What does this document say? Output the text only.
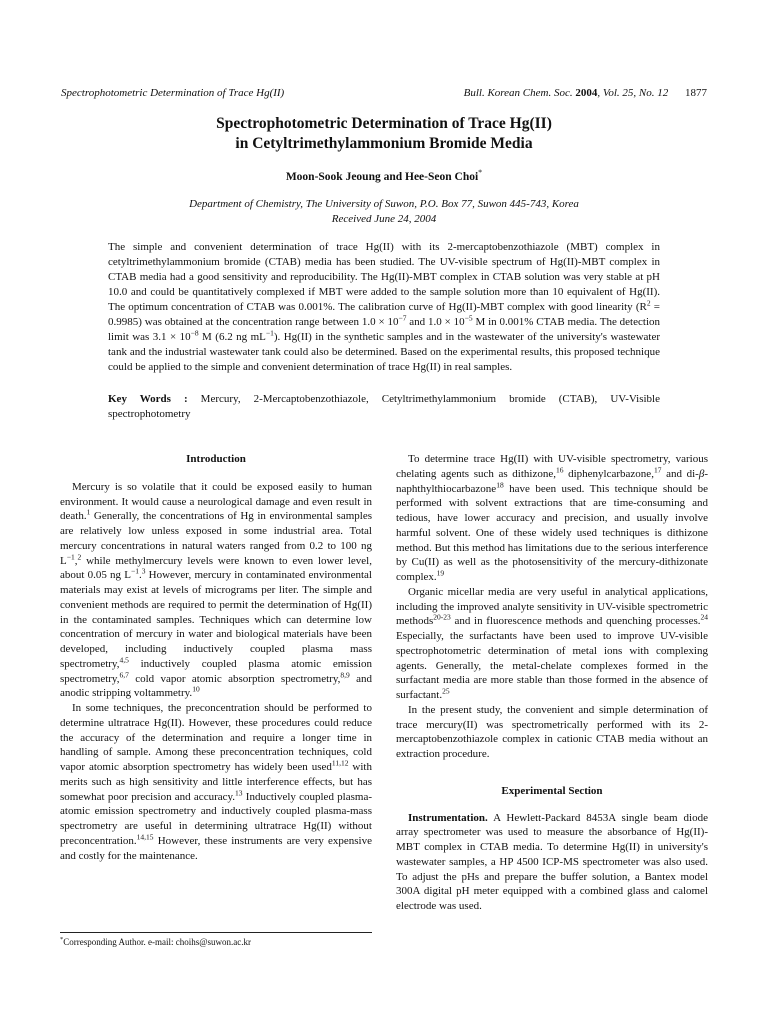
Spectrophotometric Determination of Trace Hg(II)	Bull. Korean Chem. Soc. 2004, Vol. 25, No. 12 1877
Spectrophotometric Determination of Trace Hg(II)
in Cetyltrimethylammonium Bromide Media
Moon-Sook Jeoung and Hee-Seon Choi*
Department of Chemistry, The University of Suwon, P.O. Box 77, Suwon 445-743, Korea
Received June 24, 2004

The simple and convenient determination of trace Hg(II) with its 2-mercaptobenzothiazole (MBT) complex in cetyltrimethylammonium bromide (CTAB) media has been studied. The UV-visible spectrum of Hg(II)-MBT complex in CTAB media had a good sensitivity and reproducibility. The Hg(II)-MBT complex in CTAB solution was very stable at pH 10.0 and could be quantitatively complexed if MBT were added to the sample solution more than 10 equivalent of Hg(II). The optimum concentration of CTAB was 0.001%. The calibration curve of Hg(II)-MBT complex with good linearity $(R^2 = 0.9985)$ was obtained at the concentration range between $1.0 \times 10^{-7}$ and $1.0 \times 10^{-5}$ M in 0.001% CTAB media. The detection limit was $3.1 \times 10^{-8}$ M (6.2 ng $mL^{-1}$). Hg(II) in the synthetic samples and in the wastewater of the university's wastewater tank and the industrial wastewater tank could also be determined. Based on the experimental results, this proposed technique could be applied to the simple and convenient determination of trace Hg(II) in real samples.

Key Words : Mercury, 2-Mercaptobenzothiazole, Cetyltrimethylammonium bromide (CTAB), UV-Visible spectrophotometry
Introduction

Mercury is so volatile that it could be exposed easily to human environment. It would cause a neurological damage and even result in death.$^1$ Generally, the concentrations of Hg in environmental samples are relatively low unless exposed in some industrial area. Total mercury concentrations in natural waters ranged from 0.2 to 100 ng $L^{-1},^2$ while methylmercury levels were known to even lower level, about 0.05 ng $L^{-1}.^3$ However, mercury in contaminated environmental materials may exist at levels of micrograms per liter. The simple and convenient methods are required to permit the determination of Hg(II) in the contaminated samples. Techniques which can determine low concentration of mercury in water and biological materials have been developed, including inductively coupled plasma mass spectrometry,$^{4,5}$ inductively coupled plasma atomic emission spectrometry,$^{6,7}$ cold vapor atomic absorption spectrometry,$^{8,9}$ and anodic stripping voltammetry.$^{10}$

In some techniques, the preconcentration should be performed to determine ultratrace Hg(II). However, these procedures could reduce the accuracy of the determination and require a longer time in handling of sample. Among these preconcentration techniques, cold vapor atomic absorption spectrometry has widely been used$^{11,12}$ with merits such as high sensitivity and little interference effects, but has somewhat poor precision and accuracy.$^{13}$ Inductively coupled plasma-atomic emission spectrometry and inductively coupled plasma-mass spectrometry are useful in determining ultratrace Hg(II) without preconcentration.$^{14,15}$ However, these instruments are very expensive and costly for the maintenance.

To determine trace Hg(II) with UV-visible spectrometry, various chelating agents such as dithizone,$^{16}$ diphenylcarbazone,$^{17}$ and di-β-naphthylthiocarbazone$^{18}$ have been used. This technique should be performed with solvent extractions that are time-consuming and tedious, have lower accuracy and precision, and usually involve harmful solvent. One of these widely used techniques is dithizone method. But this method has limitations due to the serious interference by Cu(II) as well as the photosensitivity of the mercury-dithizonate complex.$^{19}$

Organic micellar media are very useful in analytical applications, including the improved analyte sensitivity in UV-visible spectrometric methods$^{20-23}$ and in fluorescence methods and quenching processes.$^{24}$ Especially, the surfactants have been used to improve UV-visible spectrophotometric determination of metal ions with complexing agents. Generally, the metal-chelate complexes formed in the surfactant media are more stable than those formed in the absence of surfactant.$^{25}$

In the present study, the convenient and simple determination of trace mercury(II) was spectrometrically performed with its 2-mercaptobenzothiazole complex in cationic CTAB media without an extraction procedure.

Experimental Section

Instrumentation. A Hewlett-Packard 8453A single beam diode array spectrometer was used to measure the absorbance of Hg(II)-MBT complex in CTAB media. To determine Hg(II) in university's wastewater samples, a HP 4500 ICP-MS spectrometer was also used. To adjust the pHs and prepare the buffer solution, a Bantex model 300A digital pH meter equipped with a combined glass and calomel electrode was used.

*Corresponding Author. e-mail: choihs@suwon.ac.kr
